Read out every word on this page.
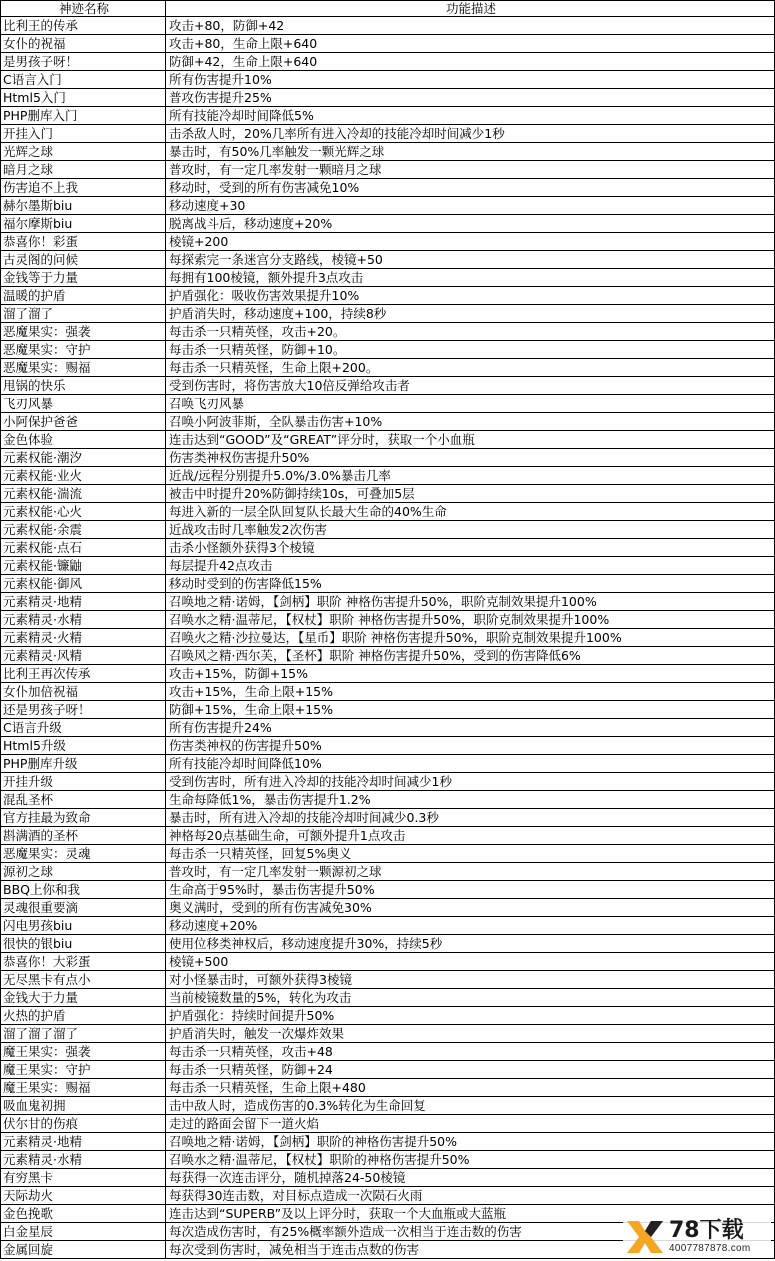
神迹名称	功能描述
比利王的传承	攻击+80，防御+42
女仆的祝福	攻击+80，生命上限+640
是男孩子呀！	防御+42，生命上限+640
C语言入门	所有伤害提升10%
Html5入门	普攻伤害提升25%
PHP删库入门	所有技能冷却时间降低5%
开挂入门	击杀敌人时，20%几率所有进入冷却的技能冷却时间减少1秒
光辉之球	暴击时，有50%几率触发一颗光辉之球
暗月之球	普攻时，有一定几率发射一颗暗月之球
伤害追不上我	移动时，受到的所有伤害减免10%
赫尔墨斯biu	移动速度+30
福尔摩斯biu	脱离战斗后，移动速度+20%
恭喜你！彩蛋	棱镜+200
古灵阁的问候	每探索完一条迷宫分支路线，棱镜+50
金钱等于力量	每拥有100棱镜，额外提升3点攻击
温暖的护盾	护盾强化：吸收伤害效果提升10%
溜了溜了	护盾消失时，移动速度+100，持续8秒
恶魔果实：强袭	每击杀一只精英怪，攻击+20。
恶魔果实：守护	每击杀一只精英怪，防御+10。
恶魔果实：赐福	每击杀一只精英怪，生命上限+200。
甩锅的快乐	受到伤害时，将伤害放大10倍反弹给攻击者
飞刃风暴	召唤飞刃风暴
小阿保护爸爸	召唤小阿波菲斯，全队暴击伤害+10%
金色体验	连击达到“GOOD”及“GREAT”评分时，获取一个小血瓶
元素权能·潮汐	伤害类神权伤害提升50%
元素权能·业火	近战/远程分别提升5.0%/3.0%暴击几率
元素权能·湍流	被击中时提升20%防御持续10s，可叠加5层
元素权能·心火	每进入新的一层全队回复队长最大生命的40%生命
元素权能·余震	近战攻击时几率触发2次伤害
元素权能·点石	击杀小怪额外获得3个棱镜
元素权能·镰鼬	每层提升42点攻击
元素权能·御风	移动时受到的伤害降低15%
元素精灵·地精	召唤地之精·诺姆，【剑柄】职阶 神格伤害提升50%，职阶克制效果提升100%
元素精灵·水精	召唤水之精·温蒂尼，【权杖】职阶 神格伤害提升50%，职阶克制效果提升100%
元素精灵·火精	召唤火之精·沙拉曼达，【星币】职阶 神格伤害提升50%，职阶克制效果提升100%
元素精灵·风精	召唤风之精·西尔芙，【圣杯】职阶 神格伤害提升50%，受到的伤害降低6%
比利王再次传承	攻击+15%，防御+15%
女仆加倍祝福	攻击+15%，生命上限+15%
还是男孩子呀！	防御+15%，生命上限+15%
C语言升级	所有伤害提升24%
Html5升级	伤害类神权的伤害提升50%
PHP删库升级	所有技能冷却时间降低10%
开挂升级	受到伤害时，所有进入冷却的技能冷却时间减少1秒
混乱圣杯	生命每降低1%，暴击伤害提升1.2%
官方挂最为致命	暴击时，所有进入冷却的技能冷却时间减少0.3秒
斟满酒的圣杯	神格每20点基础生命，可额外提升1点攻击
恶魔果实：灵魂	每击杀一只精英怪，回复5%奥义
源初之球	普攻时，有一定几率发射一颗源初之球
BBQ上你和我	生命高于95%时，暴击伤害提升50%
灵魂很重要滴	奥义满时，受到的所有伤害减免30%
闪电男孩biu	移动速度+20%
很快的银biu	使用位移类神权后，移动速度提升30%，持续5秒
恭喜你！大彩蛋	棱镜+500
无尽黑卡有点小	对小怪暴击时，可额外获得3棱镜
金钱大于力量	当前棱镜数量的5%，转化为攻击
火热的护盾	护盾强化：持续时间提升50%
溜了溜了溜了	护盾消失时，触发一次爆炸效果
魔王果实：强袭	每击杀一只精英怪，攻击+48
魔王果实：守护	每击杀一只精英怪，防御+24
魔王果实：赐福	每击杀一只精英怪，生命上限+480
吸血鬼初拥	击中敌人时，造成伤害的0.3%转化为生命回复
伏尔甘的伤痕	走过的路面会留下一道火焰
元素精灵·地精	召唤地之精·诺姆，【剑柄】职阶的神格伤害提升50%
元素精灵·水精	召唤水之精·温蒂尼，【权杖】职阶的神格伤害提升50%
有穷黑卡	每获得一次连击评分，随机掉落24-50棱镜
天际劫火	每获得30连击数，对目标点造成一次陨石火雨
金色挽歌	连击达到“SUPERB”及以上评分时，获取一个大血瓶或大蓝瓶
白金星辰	每次造成伤害时，有25%概率额外造成一次相当于连击数的伤害
金属回旋	每次受到伤害时，减免相当于连击点数的伤害
78下载
4007787878.com
